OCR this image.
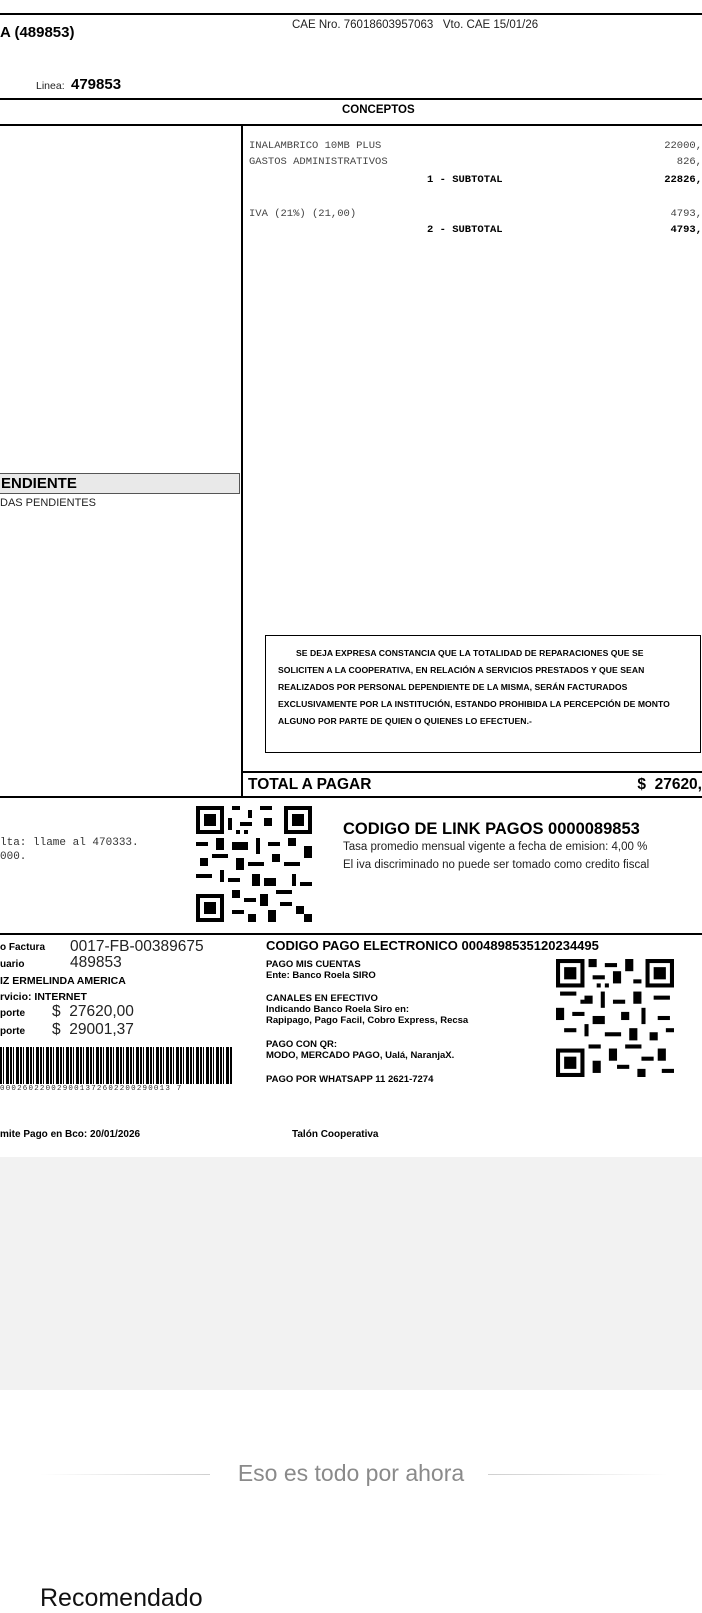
A (489853)	CAE Nro. 76018603957063   Vto. CAE 15/01/26
Linea: 479853
CONCEPTOS
INALAMBRICO 10MB PLUS	22000,
GASTOS ADMINISTRATIVOS	826,
1 - SUBTOTAL	22826,
IVA (21%) (21,00)	4793,
2 - SUBTOTAL	4793,
ENDIENTE
DAS PENDIENTES
SE DEJA EXPRESA CONSTANCIA QUE LA TOTALIDAD DE REPARACIONES QUE SE SOLICITEN A LA COOPERATIVA, EN RELACIÓN A SERVICIOS PRESTADOS Y QUE SEAN REALIZADOS POR PERSONAL DEPENDIENTE DE LA MISMA, SERÁN FACTURADOS EXCLUSIVAMENTE POR LA INSTITUCIÓN, ESTANDO PROHIBIDA LA PERCEPCIÓN DE MONTO ALGUNO POR PARTE DE QUIEN O QUIENES LO EFECTUEN.-
TOTAL A PAGAR	$  27620,
lta: llame al 470333.
000.
CODIGO DE LINK PAGOS 0000089853
Tasa promedio mensual vigente a fecha de emision: 4,00 %
El iva discriminado no puede ser tomado como credito fiscal
o Factura 0017-FB-00389675
uario	489853
IZ ERMELINDA AMERICA
rvicio: INTERNET
porte $  27620,00
porte $  29001,37
000260220029001372602200290013 7
mite Pago en Bco: 20/01/2026	Talón Cooperativa
CODIGO PAGO ELECTRONICO 0004898535120234495
PAGO MIS CUENTAS
Ente: Banco Roela SIRO
CANALES EN EFECTIVO
Indicando Banco Roela Siro en:
Rapipago, Pago Facil, Cobro Express, Recsa
PAGO CON QR:
MODO, MERCADO PAGO, Ualá, NaranjaX.
PAGO POR WHATSAPP 11 2621-7274
Eso es todo por ahora
Recomendado
